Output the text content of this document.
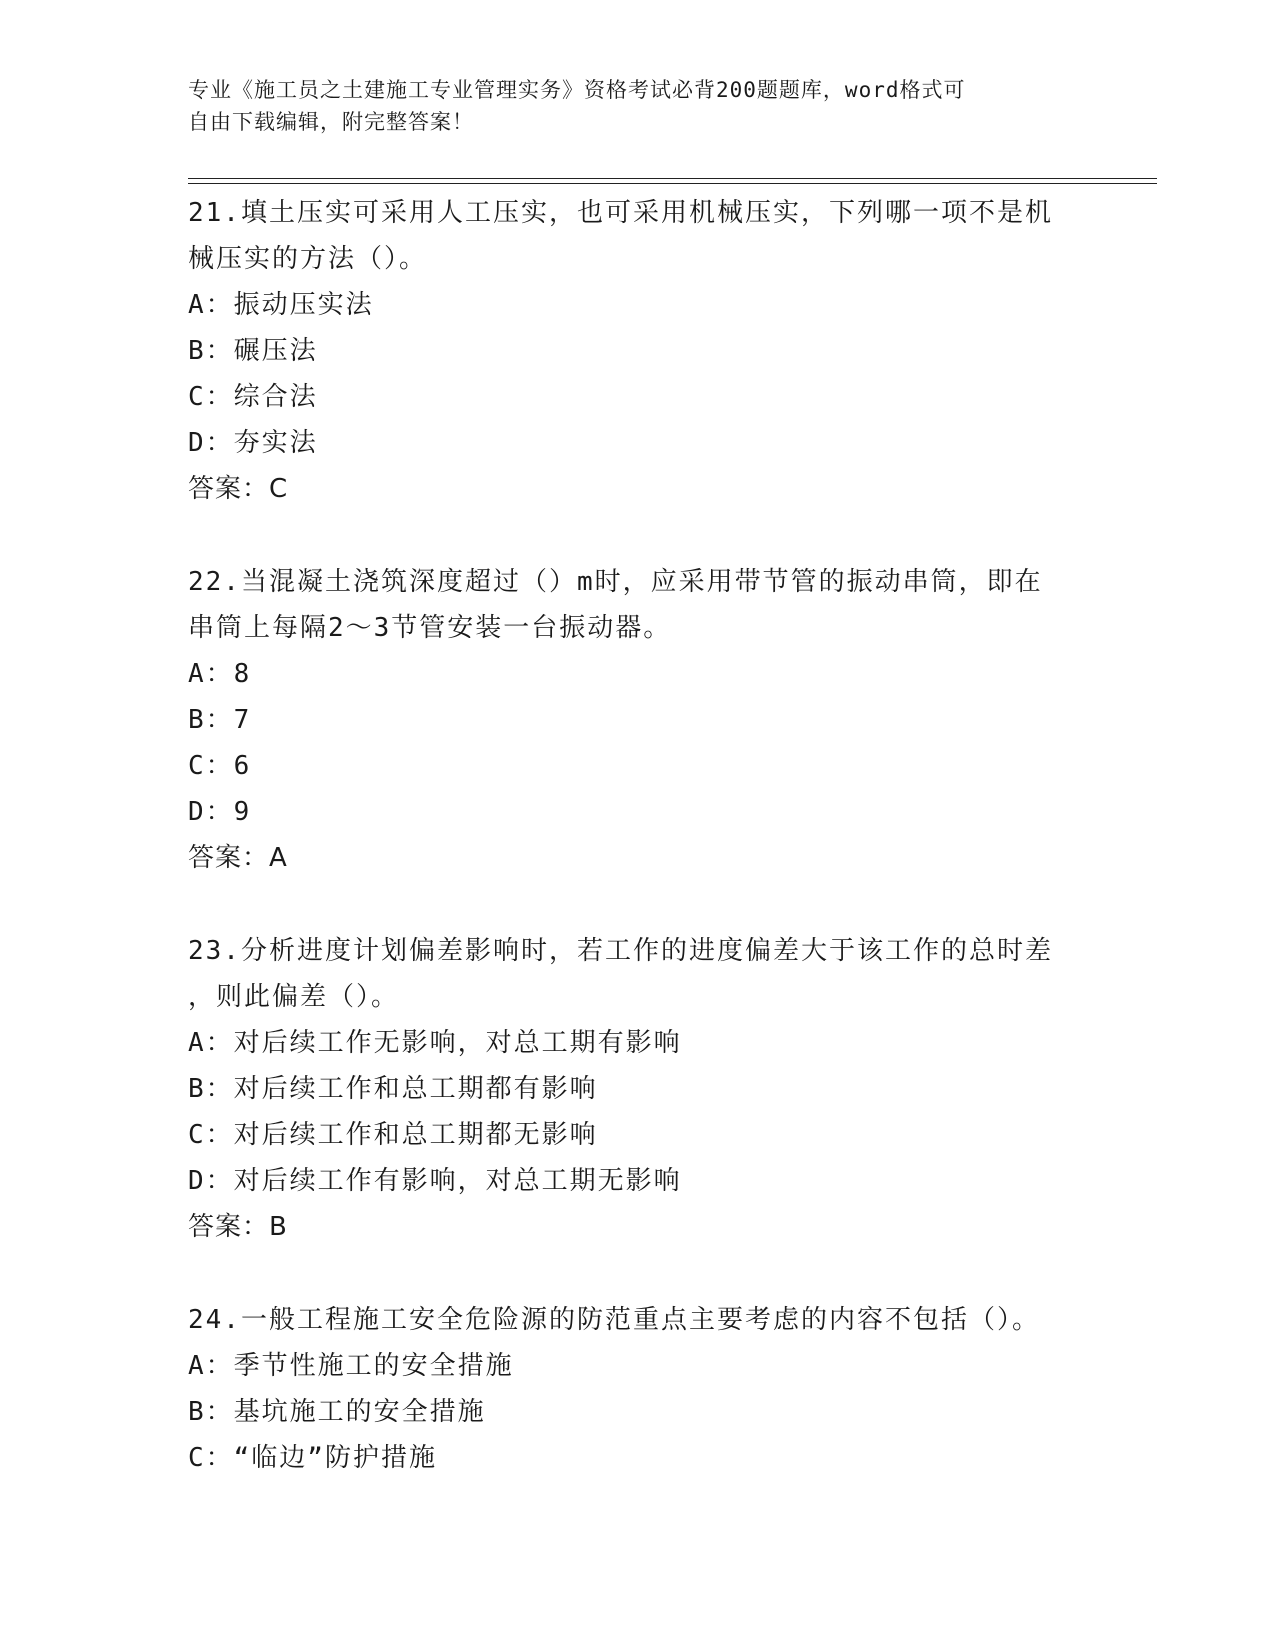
专业《施工员之土建施工专业管理实务》资格考试必背200题题库，word格式可
自由下载编辑，附完整答案！
21.填土压实可采用人工压实，也可采用机械压实，下列哪一项不是机
械压实的方法（）。
A：振动压实法
B：碾压法
C：综合法
D：夯实法
答案：C
22.当混凝土浇筑深度超过（）m时，应采用带节管的振动串筒，即在
串筒上每隔2～3节管安装一台振动器。
A：8
B：7
C：6
D：9
答案：A
23.分析进度计划偏差影响时，若工作的进度偏差大于该工作的总时差
，则此偏差（）。
A：对后续工作无影响，对总工期有影响
B：对后续工作和总工期都有影响
C：对后续工作和总工期都无影响
D：对后续工作有影响，对总工期无影响
答案：B
24.一般工程施工安全危险源的防范重点主要考虑的内容不包括（）。
A：季节性施工的安全措施
B：基坑施工的安全措施
C：“临边”防护措施
